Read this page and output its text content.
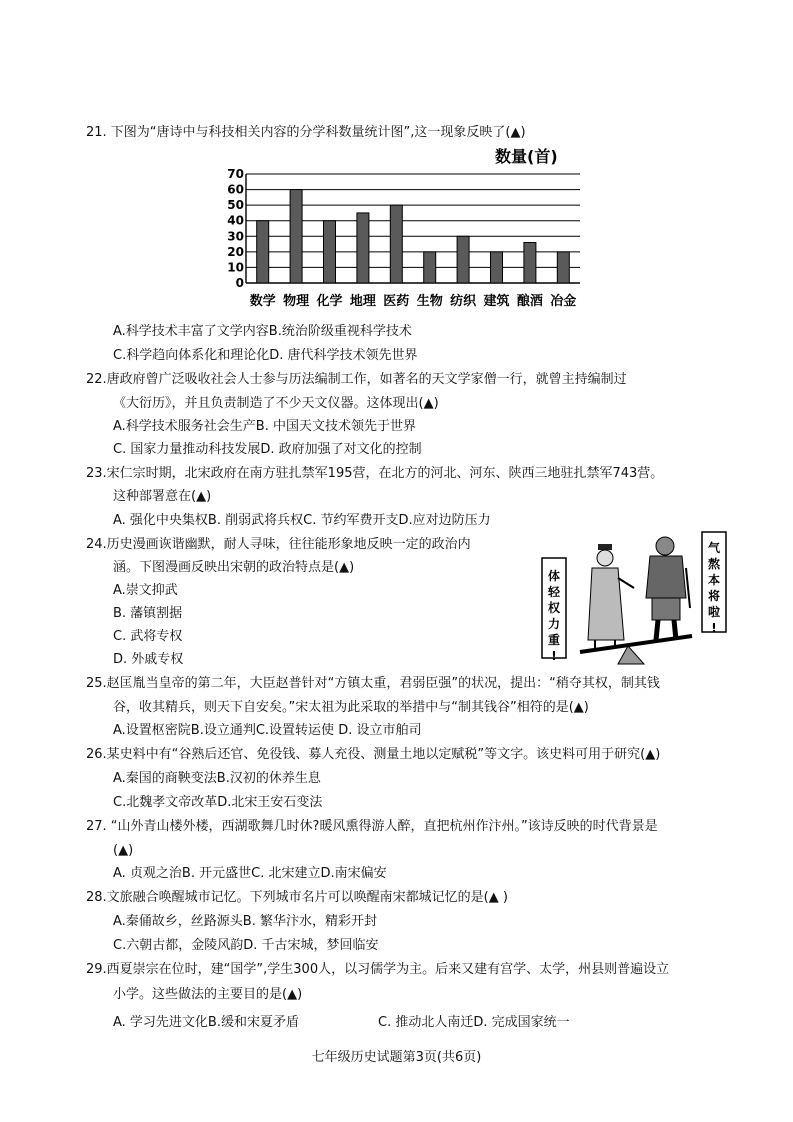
21. 下图为“唐诗中与科技相关内容的分学科数量统计图”,这一现象反映了(▲)
数量(首)
0
10
20
30
40
50
60
70
数学 物理 化学 地理 医药 生物 纺织 建筑 酿酒 冶金
A.科学技术丰富了文学内容B.统治阶级重视科学技术
C.科学趋向体系化和理论化D. 唐代科学技术领先世界
22.唐政府曾广泛吸收社会人士参与历法编制工作，如著名的天文学家僧一行，就曾主持编制过
《大衍历》，并且负责制造了不少天文仪器。这体现出(▲)
A.科学技术服务社会生产B. 中国天文技术领先于世界
C. 国家力量推动科技发展D. 政府加强了对文化的控制
23.宋仁宗时期，北宋政府在南方驻扎禁军195营，在北方的河北、河东、陕西三地驻扎禁军743营。
这种部署意在(▲)
A. 强化中央集权B. 削弱武将兵权C. 节约军费开支D.应对边防压力
24.历史漫画诙谐幽默，耐人寻味，往往能形象地反映一定的政治内
涵。下图漫画反映出宋朝的政治特点是(▲)
A.崇文抑武
B. 藩镇割据
C. 武将专权
D. 外戚专权
体轻权力重!
气熬本将啦!
25.赵匡胤当皇帝的第二年，大臣赵普针对“方镇太重，君弱臣强”的状况，提出：“稍夺其权，制其钱
谷，收其精兵，则天下自安矣。”宋太祖为此采取的举措中与“制其钱谷”相符的是(▲)
A.设置枢密院B.设立通判C.设置转运使 D. 设立市舶司
26.某史料中有“谷熟后还官、免役钱、募人充役、测量土地以定赋税”等文字。该史料可用于研究(▲)
A.秦国的商鞅变法B.汉初的休养生息
C.北魏孝文帝改革D.北宋王安石变法
27. “山外青山楼外楼，西湖歌舞几时休?暖风熏得游人醉，直把杭州作汴州。”该诗反映的时代背景是
(▲)
A. 贞观之治B. 开元盛世C. 北宋建立D.南宋偏安
28.文旅融合唤醒城市记忆。下列城市名片可以唤醒南宋都城记忆的是(▲ )
A.秦俑故乡，丝路源头B. 繁华汴水，精彩开封
C.六朝古都，金陵风韵D. 千古宋城，梦回临安
29.西夏崇宗在位时，建“国学”,学生300人，以习儒学为主。后来又建有宫学、太学，州县则普遍设立
小学。这些做法的主要目的是(▲)
A. 学习先进文化B.缓和宋夏矛盾	C. 推动北人南迁D. 完成国家统一
七年级历史试题第3页(共6页)
